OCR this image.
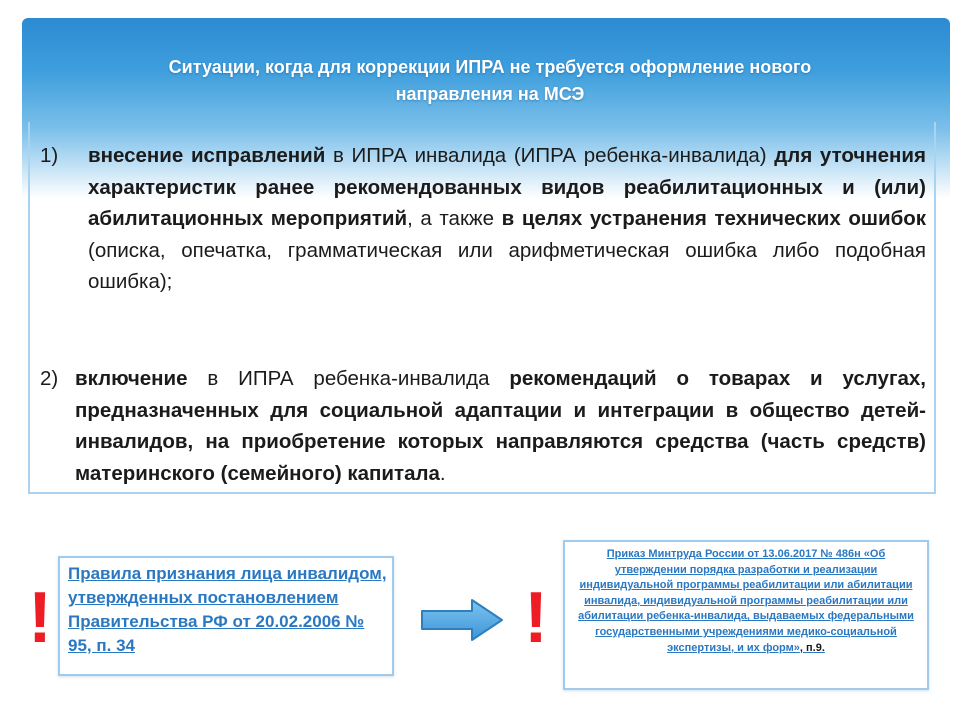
Ситуации, когда для коррекции ИПРА не требуется оформление нового
направления на МСЭ
1) внесение исправлений в ИПРА инвалида (ИПРА ребенка-инвалида) для уточнения характеристик ранее рекомендованных видов реабилитационных и (или) абилитационных мероприятий, а также в целях устранения технических ошибок (описка, опечатка, грамматическая или арифметическая ошибка либо подобная ошибка);
2) включение в ИПРА ребенка-инвалида рекомендаций о товарах и услугах, предназначенных для социальной адаптации и интеграции в общество детей-инвалидов, на приобретение которых направляются средства (часть средств) материнского (семейного) капитала.
!
Правила признания лица инвалидом, утвержденных постановлением Правительства РФ от 20.02.2006 № 95, п. 34	!
Приказ Минтруда России от 13.06.2017 № 486н «Об утверждении порядка разработки и реализации индивидуальной программы реабилитации или абилитации инвалида, индивидуальной программы реабилитации или абилитации ребенка-инвалида, выдаваемых федеральными государственными учреждениями медико-социальной экспертизы, и их форм», п.9.
